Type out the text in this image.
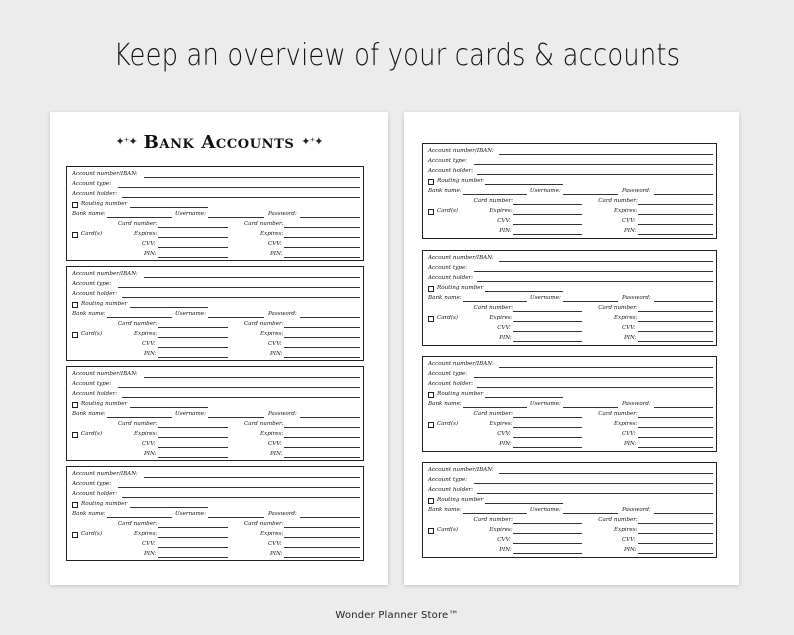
Keep an overview of your cards & accounts
✦⁺✦ Bank Accounts ✦⁺✦
Account number/IBAN:
Account type:
Account holder:
Routing number
Bank name:	Username:	Password:
Card number:	Card number:
Card(s)	Expires:	Expires:
CVV:	CVV:
PIN:	PIN:
Account number/IBAN:
Account type:
Account holder:
Routing number
Bank name:	Username:	Password:
Card number:	Card number:
Card(s)	Expires:	Expires:
CVV:	CVV:
PIN:	PIN:
Account number/IBAN:
Account type:
Account holder:
Routing number
Bank name:	Username:	Password:
Card number:	Card number:
Card(s)	Expires:	Expires:
CVV:	CVV:
PIN:	PIN:
Account number/IBAN:
Account type:
Account holder:
Routing number
Bank name:	Username:	Password:
Card number:	Card number:
Card(s)	Expires:	Expires:
CVV:	CVV:
PIN:	PIN:
Account number/IBAN:
Account type:
Account holder:
Routing number
Bank name:	Username:	Password:
Card number:	Card number:
Card(s)	Expires:	Expires:
CVV:	CVV:
PIN:	PIN:
Account number/IBAN:
Account type:
Account holder:
Routing number
Bank name:	Username:	Password:
Card number:	Card number:
Card(s)	Expires:	Expires:
CVV:	CVV:
PIN:	PIN:
Account number/IBAN:
Account type:
Account holder:
Routing number
Bank name:	Username:	Password:
Card number:	Card number:
Card(s)	Expires:	Expires:
CVV:	CVV:
PIN:	PIN:
Account number/IBAN:
Account type:
Account holder:
Routing number
Bank name:	Username:	Password:
Card number:	Card number:
Card(s)	Expires:	Expires:
CVV:	CVV:
PIN:	PIN:
Wonder Planner Store™
